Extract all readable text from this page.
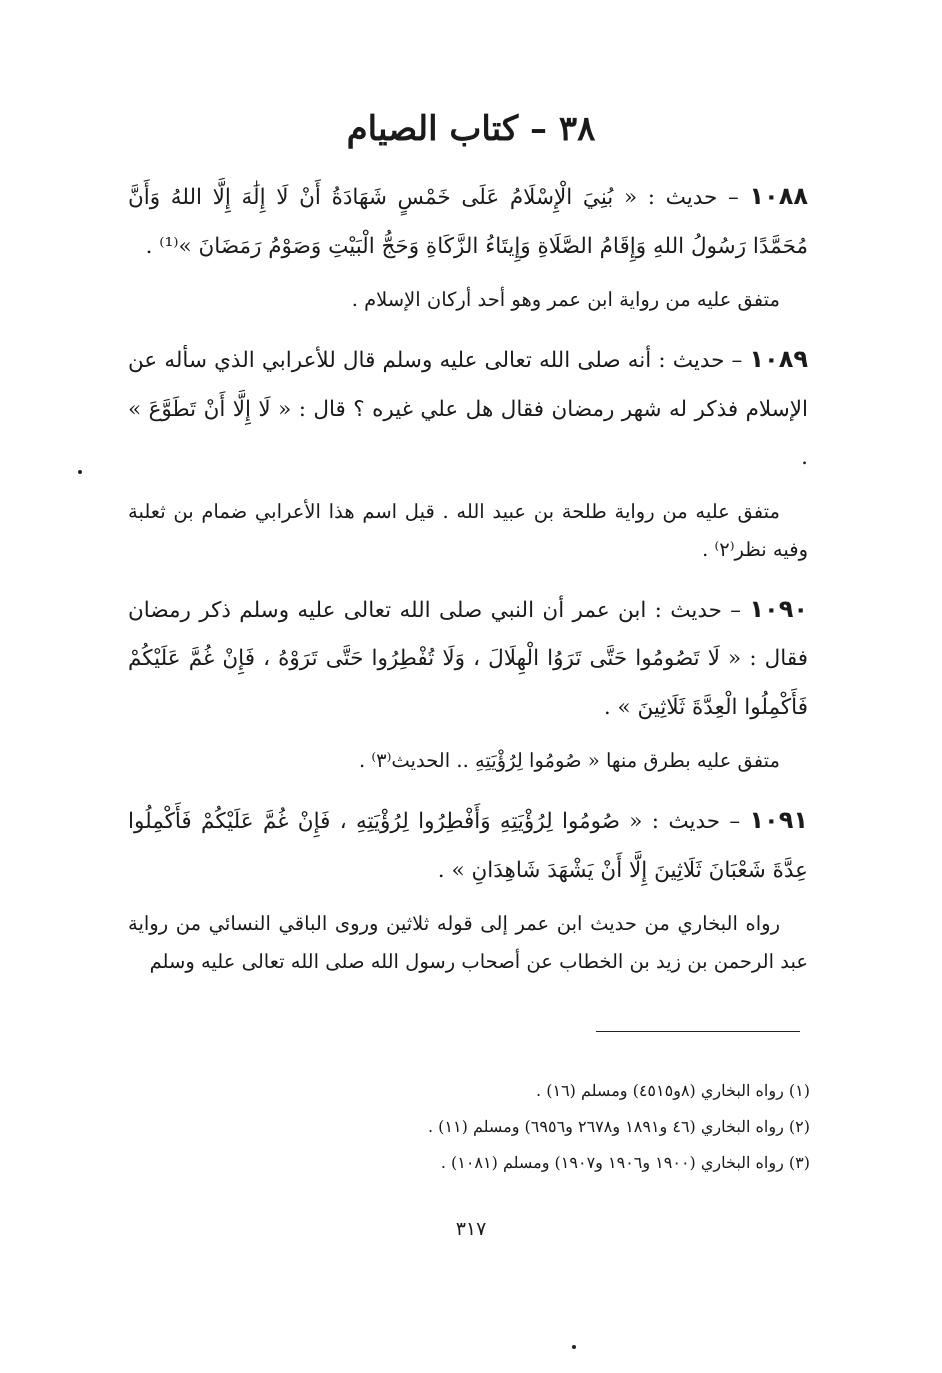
٣٨ – كتاب الصيام

١٠٨٨ – حديث : « بُنِيَ الْإِسْلَامُ عَلَى خَمْسٍ شَهَادَةُ أَنْ لَا إِلَٰهَ إِلَّا اللهُ وَأَنَّ مُحَمَّدًا رَسُولُ اللهِ وَإِقَامُ الصَّلَاةِ وَإِيتَاءُ الزَّكَاةِ وَحَجُّ الْبَيْتِ وَصَوْمُ رَمَضَانَ »⁽¹⁾ .

متفق عليه من رواية ابن عمر وهو أحد أركان الإسلام .

١٠٨٩ – حديث : أنه صلى الله تعالى عليه وسلم قال للأعرابي الذي سأله عن الإسلام فذكر له شهر رمضان فقال هل علي غيره ؟ قال : « لَا إِلَّا أَنْ تَطَوَّعَ » .

متفق عليه من رواية طلحة بن عبيد الله . قيل اسم هذا الأعرابي ضمام بن ثعلبة وفيه نظر⁽٢⁾ .

١٠٩٠ – حديث : ابن عمر أن النبي صلى الله تعالى عليه وسلم ذكر رمضان فقال : « لَا تَصُومُوا حَتَّى تَرَوُا الْهِلَالَ ، وَلَا تُفْطِرُوا حَتَّى تَرَوْهُ ، فَإِنْ غُمَّ عَلَيْكُمْ فَأَكْمِلُوا الْعِدَّةَ ثَلَاثِينَ » .

متفق عليه بطرق منها « صُومُوا لِرُؤْيَتِهِ .. الحديث⁽٣⁾ .

١٠٩١ – حديث : « صُومُوا لِرُؤْيَتِهِ وَأَفْطِرُوا لِرُؤْيَتِهِ ، فَإِنْ غُمَّ عَلَيْكُمْ فَأَكْمِلُوا عِدَّةَ شَعْبَانَ ثَلَاثِينَ إِلَّا أَنْ يَشْهَدَ شَاهِدَانِ » .

رواه البخاري من حديث ابن عمر إلى قوله ثلاثين وروى الباقي النسائي من رواية عبد الرحمن بن زيد بن الخطاب عن أصحاب رسول الله صلى الله تعالى عليه وسلم

(١) رواه البخاري (٨و٤٥١٥) ومسلم (١٦) .
(٢) رواه البخاري (٤٦ و١٨٩١ و٢٦٧٨ و٦٩٥٦) ومسلم (١١) .
(٣) رواه البخاري (١٩٠٠ و١٩٠٦ و١٩٠٧) ومسلم (١٠٨١) .
٣١٧
